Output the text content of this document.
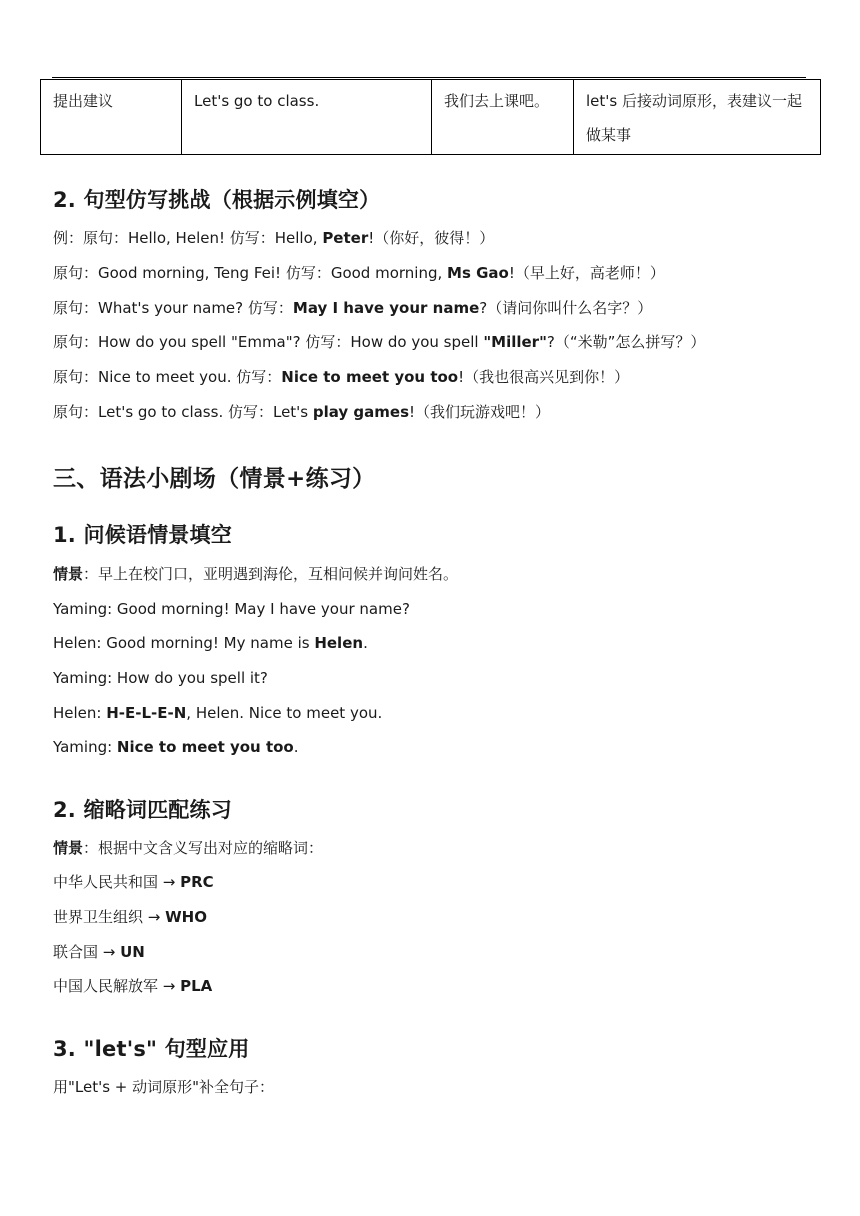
提出建议	Let's go to class.	我们去上课吧。	let's 后接动词原形，表建议一起
做某事
2. 句型仿写挑战（根据示例填空）

例：原句：Hello, Helen! 仿写：Hello, Peter!（你好，彼得！）

原句：Good morning, Teng Fei! 仿写：Good morning, Ms Gao!（早上好，高老师！）

原句：What's your name? 仿写：May I have your name?（请问你叫什么名字？）

原句：How do you spell "Emma"? 仿写：How do you spell "Miller"?（“米勒”怎么拼写？）

原句：Nice to meet you. 仿写：Nice to meet you too!（我也很高兴见到你！）

原句：Let's go to class. 仿写：Let's play games!（我们玩游戏吧！）

三、语法小剧场（情景+练习）
1. 问候语情景填空

情景：早上在校门口，亚明遇到海伦，互相问候并询问姓名。

Yaming: Good morning! May I have your name?

Helen: Good morning! My name is Helen.

Yaming: How do you spell it?

Helen: H-E-L-E-N, Helen. Nice to meet you.

Yaming: Nice to meet you too.

2. 缩略词匹配练习

情景：根据中文含义写出对应的缩略词：

中华人民共和国 → PRC

世界卫生组织 → WHO

联合国 → UN

中国人民解放军 → PLA

3. "let's" 句型应用

用"Let's + 动词原形"补全句子：
